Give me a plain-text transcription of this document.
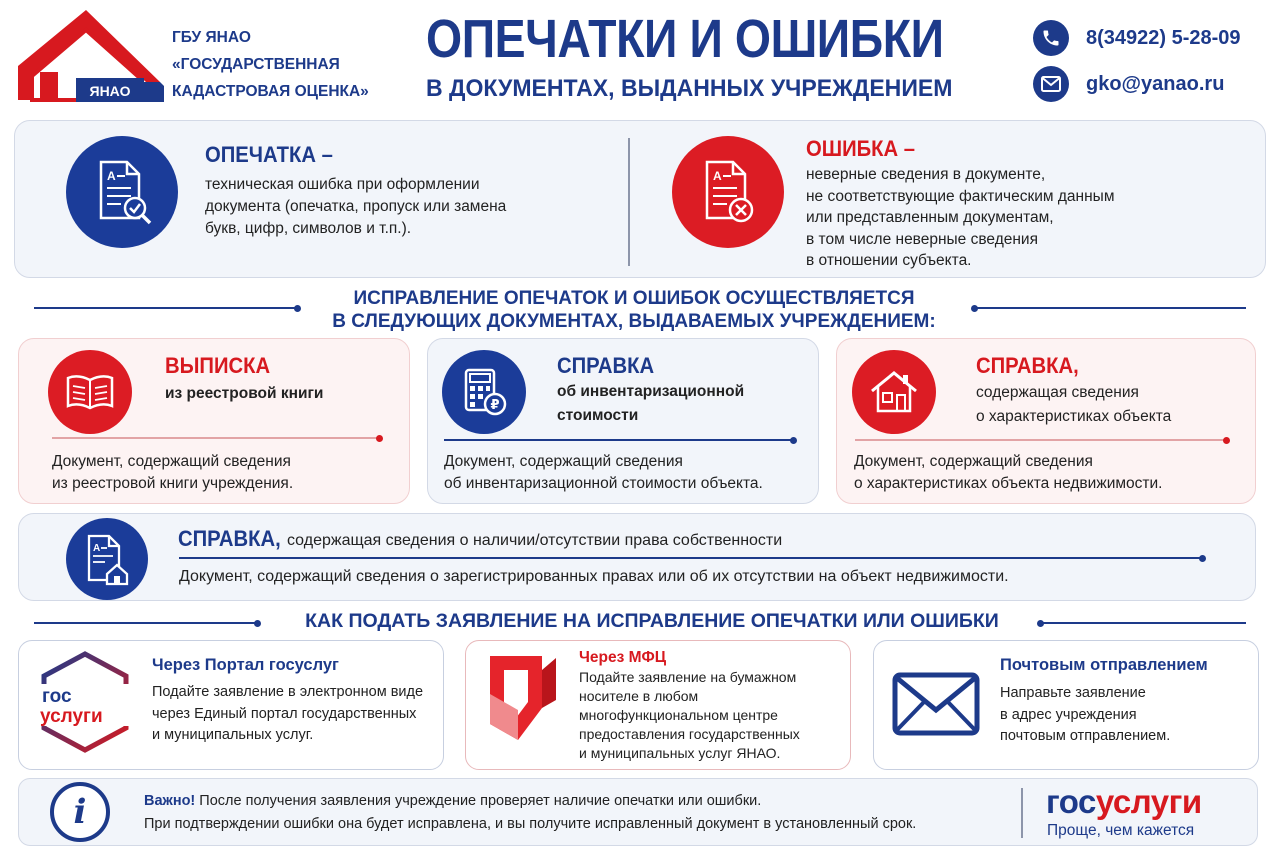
ЯНАО
ГБУ ЯНАО
«ГОСУДАРСТВЕННАЯ
КАДАСТРОВАЯ ОЦЕНКА»
ОПЕЧАТКИ И ОШИБКИ
В ДОКУМЕНТАХ, ВЫДАННЫХ УЧРЕЖДЕНИЕМ
8(34922) 5-28-09
gko@yanao.ru
A
ОПЕЧАТКА –
техническая ошибка при оформлении
документа (опечатка, пропуск или замена
букв, цифр, символов и т.п.).
A
ОШИБКА –
неверные сведения в документе,
не соответствующие фактическим данным
или представленным документам,
в том числе неверные сведения
в отношении субъекта.
ИСПРАВЛЕНИЕ ОПЕЧАТОК И ОШИБОК ОСУЩЕСТВЛЯЕТСЯ
В СЛЕДУЮЩИХ ДОКУМЕНТАХ, ВЫДАВАЕМЫХ УЧРЕЖДЕНИЕМ:
ВЫПИСКА
из реестровой книги
Документ, содержащий сведения
из реестровой книги учреждения.
₽
СПРАВКА
об инвентаризационной
стоимости
Документ, содержащий сведения
об инвентаризационной стоимости объекта.
СПРАВКА,
содержащая сведения
о характеристиках объекта
Документ, содержащий сведения
о характеристиках объекта недвижимости.
A	СПРАВКА, содержащая сведения о наличии/отсутствии права собственности
Документ, содержащий сведения о зарегистрированных правах или об их отсутствии на объект недвижимости.
КАК ПОДАТЬ ЗАЯВЛЕНИЕ НА ИСПРАВЛЕНИЕ ОПЕЧАТКИ ИЛИ ОШИБКИ
гос
услуги
Через Портал госуслуг
Подайте заявление в электронном виде
через Единый портал государственных
и муниципальных услуг.
Через МФЦ
Подайте заявление на бумажном
носителе в любом
многофункциональном центре
предоставления государственных
и муниципальных услуг ЯНАО.
Почтовым отправлением
Направьте заявление
в адрес учреждения
почтовым отправлением.
i	Важно! После получения заявления учреждение проверяет наличие опечатки или ошибки.
При подтверждении ошибки она будет исправлена, и вы получите исправленный документ в установленный срок.
госуслуги
Проще, чем кажется
